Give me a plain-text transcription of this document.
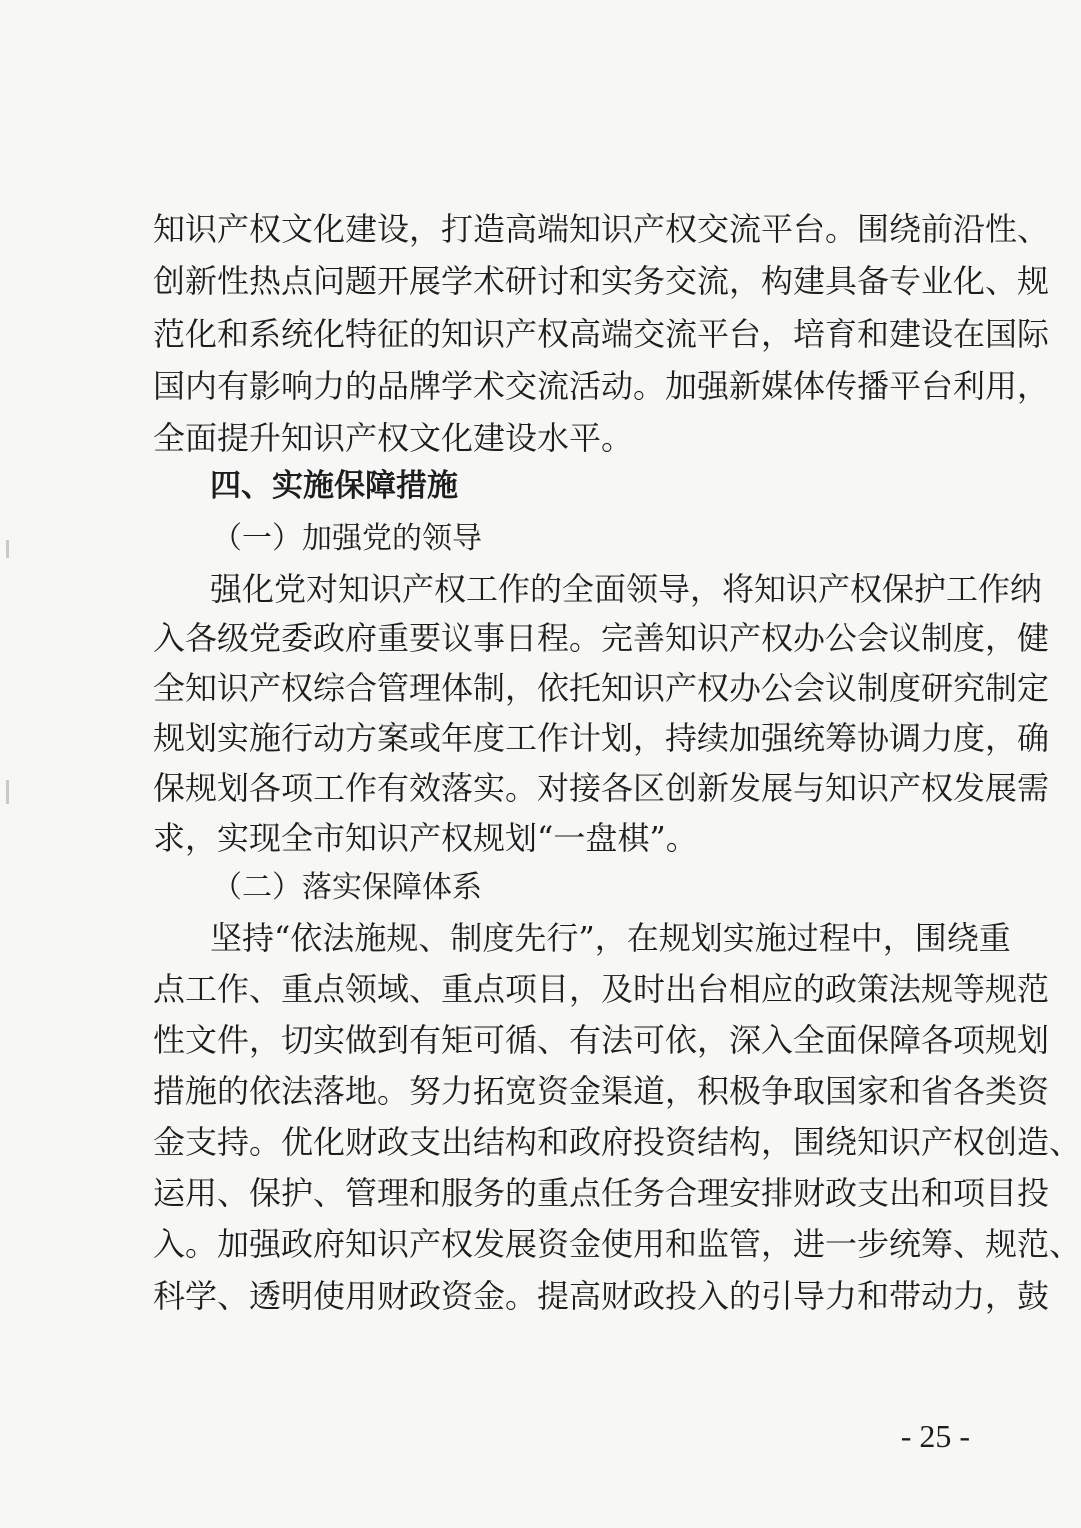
知识产权文化建设，打造高端知识产权交流平台。围绕前沿性、
创新性热点问题开展学术研讨和实务交流，构建具备专业化、规
范化和系统化特征的知识产权高端交流平台，培育和建设在国际
国内有影响力的品牌学术交流活动。加强新媒体传播平台利用，
全面提升知识产权文化建设水平。
四、实施保障措施
（一）加强党的领导
强化党对知识产权工作的全面领导，将知识产权保护工作纳
入各级党委政府重要议事日程。完善知识产权办公会议制度，健
全知识产权综合管理体制，依托知识产权办公会议制度研究制定
规划实施行动方案或年度工作计划，持续加强统筹协调力度，确
保规划各项工作有效落实。对接各区创新发展与知识产权发展需
求，实现全市知识产权规划“一盘棋”。
（二）落实保障体系
坚持“依法施规、制度先行”，在规划实施过程中，围绕重
点工作、重点领域、重点项目，及时出台相应的政策法规等规范
性文件，切实做到有矩可循、有法可依，深入全面保障各项规划
措施的依法落地。努力拓宽资金渠道，积极争取国家和省各类资
金支持。优化财政支出结构和政府投资结构，围绕知识产权创造、
运用、保护、管理和服务的重点任务合理安排财政支出和项目投
入。加强政府知识产权发展资金使用和监管，进一步统筹、规范、
科学、透明使用财政资金。提高财政投入的引导力和带动力，鼓
- 25 -
